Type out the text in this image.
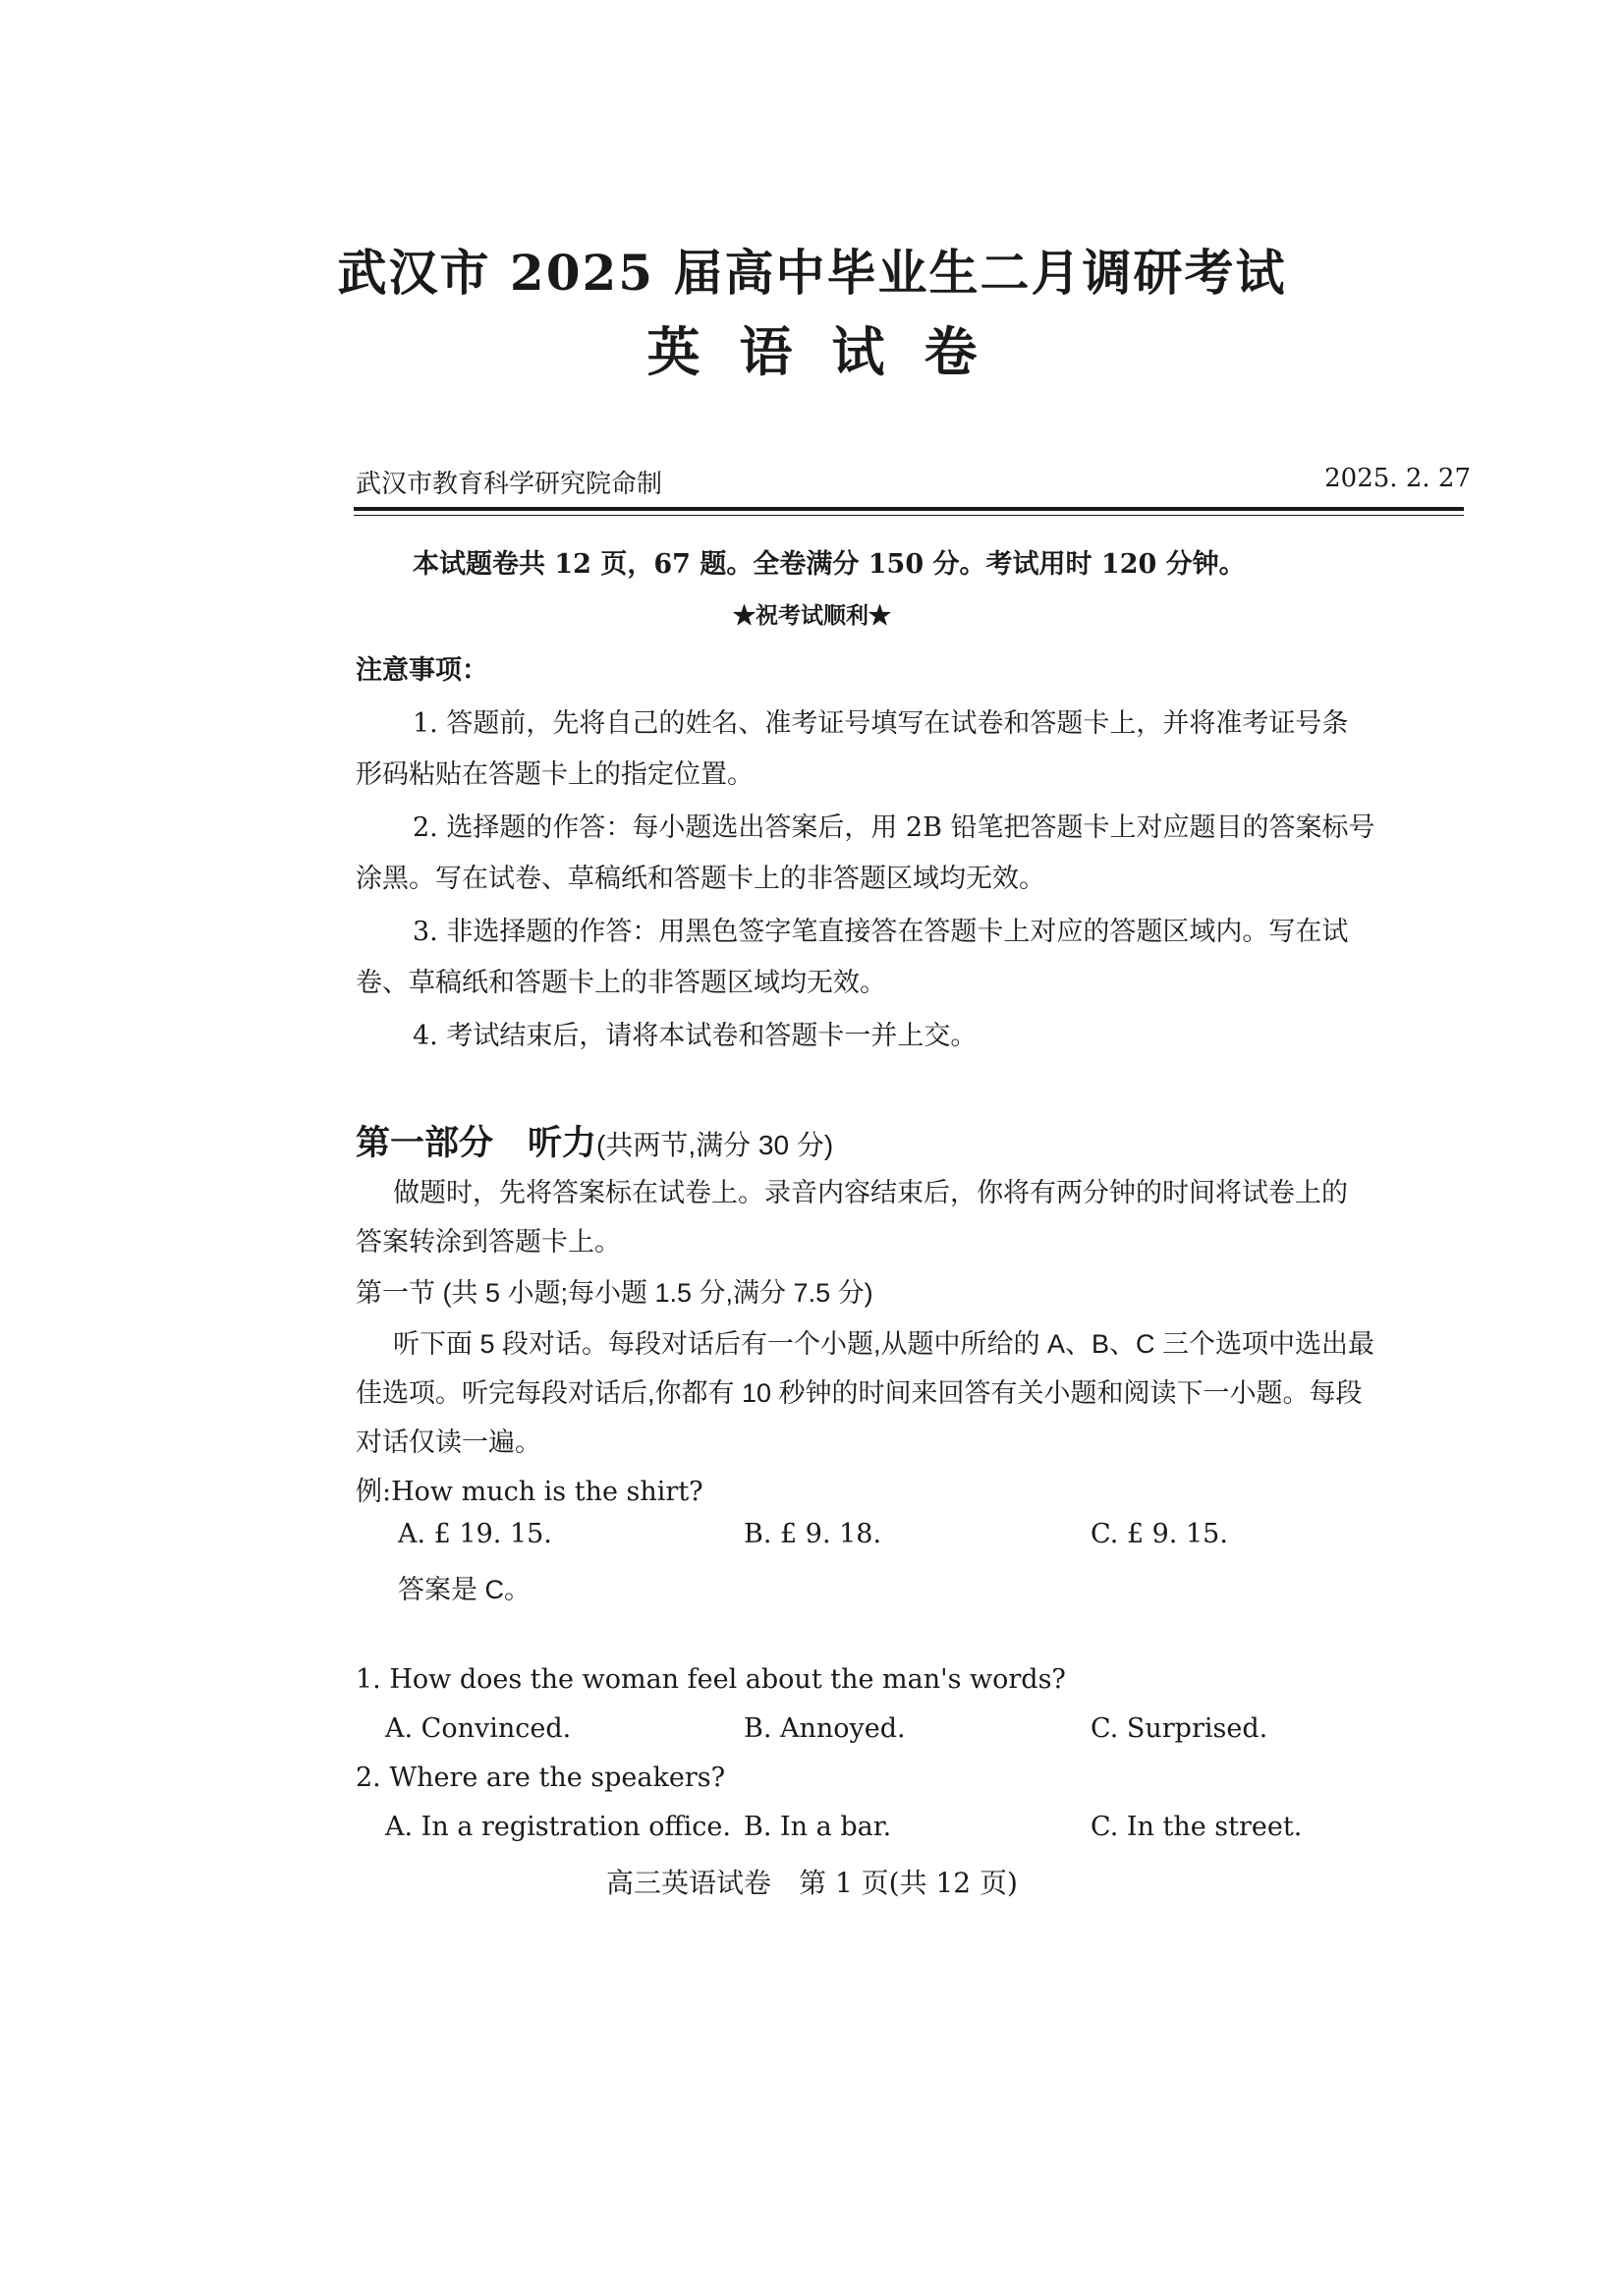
武汉市 2025 届高中毕业生二月调研考试
英语试卷
武汉市教育科学研究院命制	2025. 2. 27
本试题卷共 12 页，67 题。全卷满分 150 分。考试用时 120 分钟。
★祝考试顺利★
注意事项：

1. 答题前，先将自己的姓名、准考证号填写在试卷和答题卡上，并将准考证号条

形码粘贴在答题卡上的指定位置。

2. 选择题的作答：每小题选出答案后，用 2B 铅笔把答题卡上对应题目的答案标号

涂黑。写在试卷、草稿纸和答题卡上的非答题区域均无效。

3. 非选择题的作答：用黑色签字笔直接答在答题卡上对应的答题区域内。写在试

卷、草稿纸和答题卡上的非答题区域均无效。

4. 考试结束后，请将本试卷和答题卡一并上交。

第一部分　听力(共两节,满分 30 分)

做题时，先将答案标在试卷上。录音内容结束后，你将有两分钟的时间将试卷上的

答案转涂到答题卡上。

第一节 (共 5 小题;每小题 1.5 分,满分 7.5 分)

听下面 5 段对话。每段对话后有一个小题,从题中所给的 A、B、C 三个选项中选出最

佳选项。听完每段对话后,你都有 10 秒钟的时间来回答有关小题和阅读下一小题。每段

对话仅读一遍。

例:How much is the shirt?

A. £ 19. 15.	B. £ 9. 18.	C. £ 9. 15.

答案是 C。

1. How does the woman feel about the man's words?

A. Convinced.	B. Annoyed.	C. Surprised.

2. Where are the speakers?

A. In a registration office. B. In a bar.	C. In the street.
高三英语试卷　第 1 页(共 12 页)
